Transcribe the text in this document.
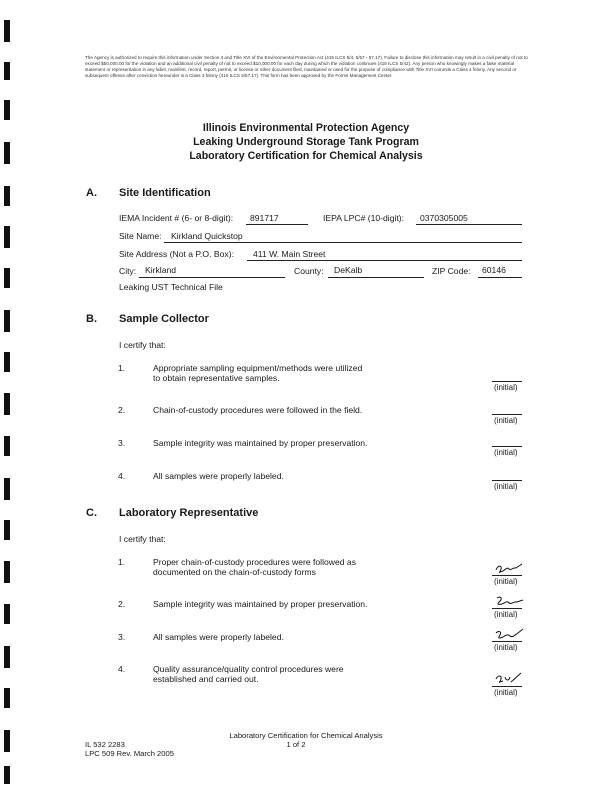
The Agency is authorized to require this information under Section 4 and Title XVI of the Environmental Protection Act (415 ILCS 5/4, 5/57 - 57.17). Failure to disclose this information may result in a civil penalty of not to exceed $50,000.00 for the violation and an additional civil penalty of not to exceed $10,000.00 for each day during which the violation continues (415 ILCS 5/42). Any person who knowingly makes a false material statement or representation in any label, manifest, record, report, permit, or license or other document filed, maintained or used for the purpose of compliance with Title XVI commits a Class 4 felony. Any second or subsequent offense after conviction hereunder is a Class 3 felony (415 ILCS 5/57.17). This form has been approved by the Forms Management Center.
Illinois Environmental Protection Agency
Leaking Underground Storage Tank Program
Laboratory Certification for Chemical Analysis
A. Site Identification
IEMA Incident # (6- or 8-digit): 891717	IEPA LPC# (10-digit): 0370305005
Site Name: Kirkland Quickstop
Site Address (Not a P.O. Box): 411 W. Main Street
City: Kirkland	County: DeKalb	ZIP Code: 60146
Leaking UST Technical File
B. Sample Collector
I certify that:
1.	Appropriate sampling equipment/methods were utilized
to obtain representative samples.
(initial)
2.	Chain-of-custody procedures were followed in the field.
(initial)
3.	Sample integrity was maintained by proper preservation.
(initial)
4.	All samples were properly labeled.
(initial)
C. Laboratory Representative
I certify that:
1.	Proper chain-of-custody procedures were followed as
documented on the chain-of-custody forms
(initial)
2.	Sample integrity was maintained by proper preservation.
(initial)
3.	All samples were properly labeled.
(initial)
4.	Quality assurance/quality control procedures were
established and carried out.
(initial)
IL 532 2283
LPC 509 Rev. March 2005
Laboratory Certification for Chemical Analysis
1 of 2
